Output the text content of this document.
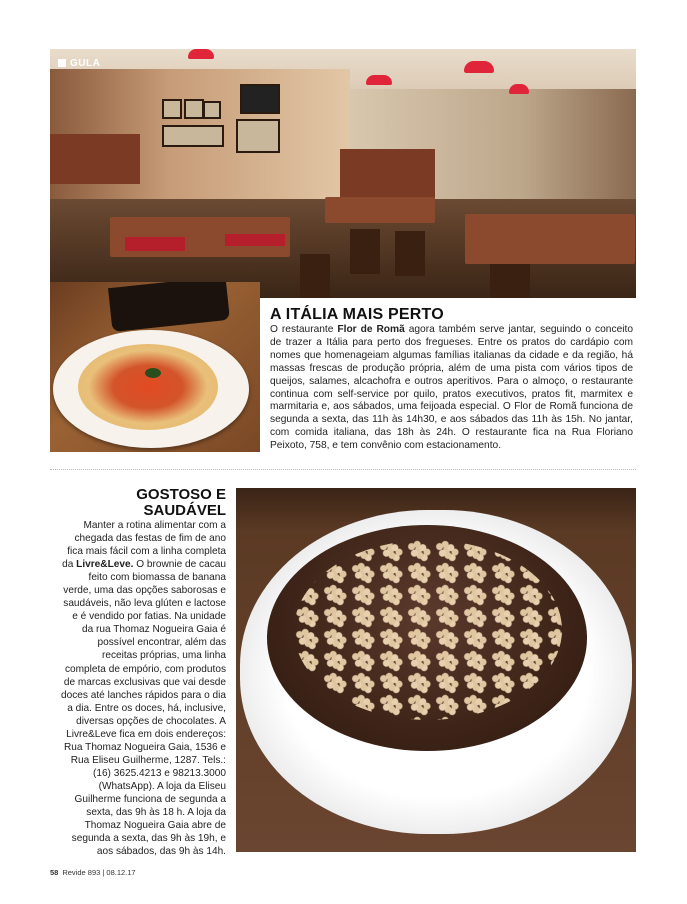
GULA
A ITÁLIA MAIS PERTO

O restaurante Flor de Romã agora também serve jantar, seguindo o conceito de trazer a Itália para perto dos fregueses. Entre os pratos do cardápio com nomes que homenageiam algumas famílias italianas da cidade e da região, há massas frescas de produção própria, além de uma pista com vários tipos de queijos, salames, alcachofra e outros aperitivos. Para o almoço, o restaurante continua com self-service por quilo, pratos executivos, pratos fit, marmitex e marmitaria e, aos sábados, uma feijoada especial. O Flor de Romã funciona de segunda a sexta, das 11h às 14h30, e aos sábados das 11h às 15h. No jantar, com comida italiana, das 18h às 24h. O restaurante fica na Rua Floriano Peixoto, 758, e tem convênio com estacionamento.

GOSTOSO E
SAUDÁVEL

Manter a rotina alimentar com a chegada das festas de fim de ano fica mais fácil com a linha completa da Livre&Leve. O brownie de cacau feito com biomassa de banana verde, uma das opções saborosas e saudáveis, não leva glúten e lactose e é vendido por fatias. Na unidade da rua Thomaz Nogueira Gaia é possível encontrar, além das receitas próprias, uma linha completa de empório, com produtos de marcas exclusivas que vai desde doces até lanches rápidos para o dia a dia. Entre os doces, há, inclusive, diversas opções de chocolates. A Livre&Leve fica em dois endereços: Rua Thomaz Nogueira Gaia, 1536 e Rua Eliseu Guilherme, 1287. Tels.: (16) 3625.4213 e 98213.3000 (WhatsApp). A loja da Eliseu Guilherme funciona de segunda a sexta, das 9h às 18 h. A loja da Thomaz Nogueira Gaia abre de segunda a sexta, das 9h às 19h, e aos sábados, das 9h às 14h.

58 Revide 893 | 08.12.17
